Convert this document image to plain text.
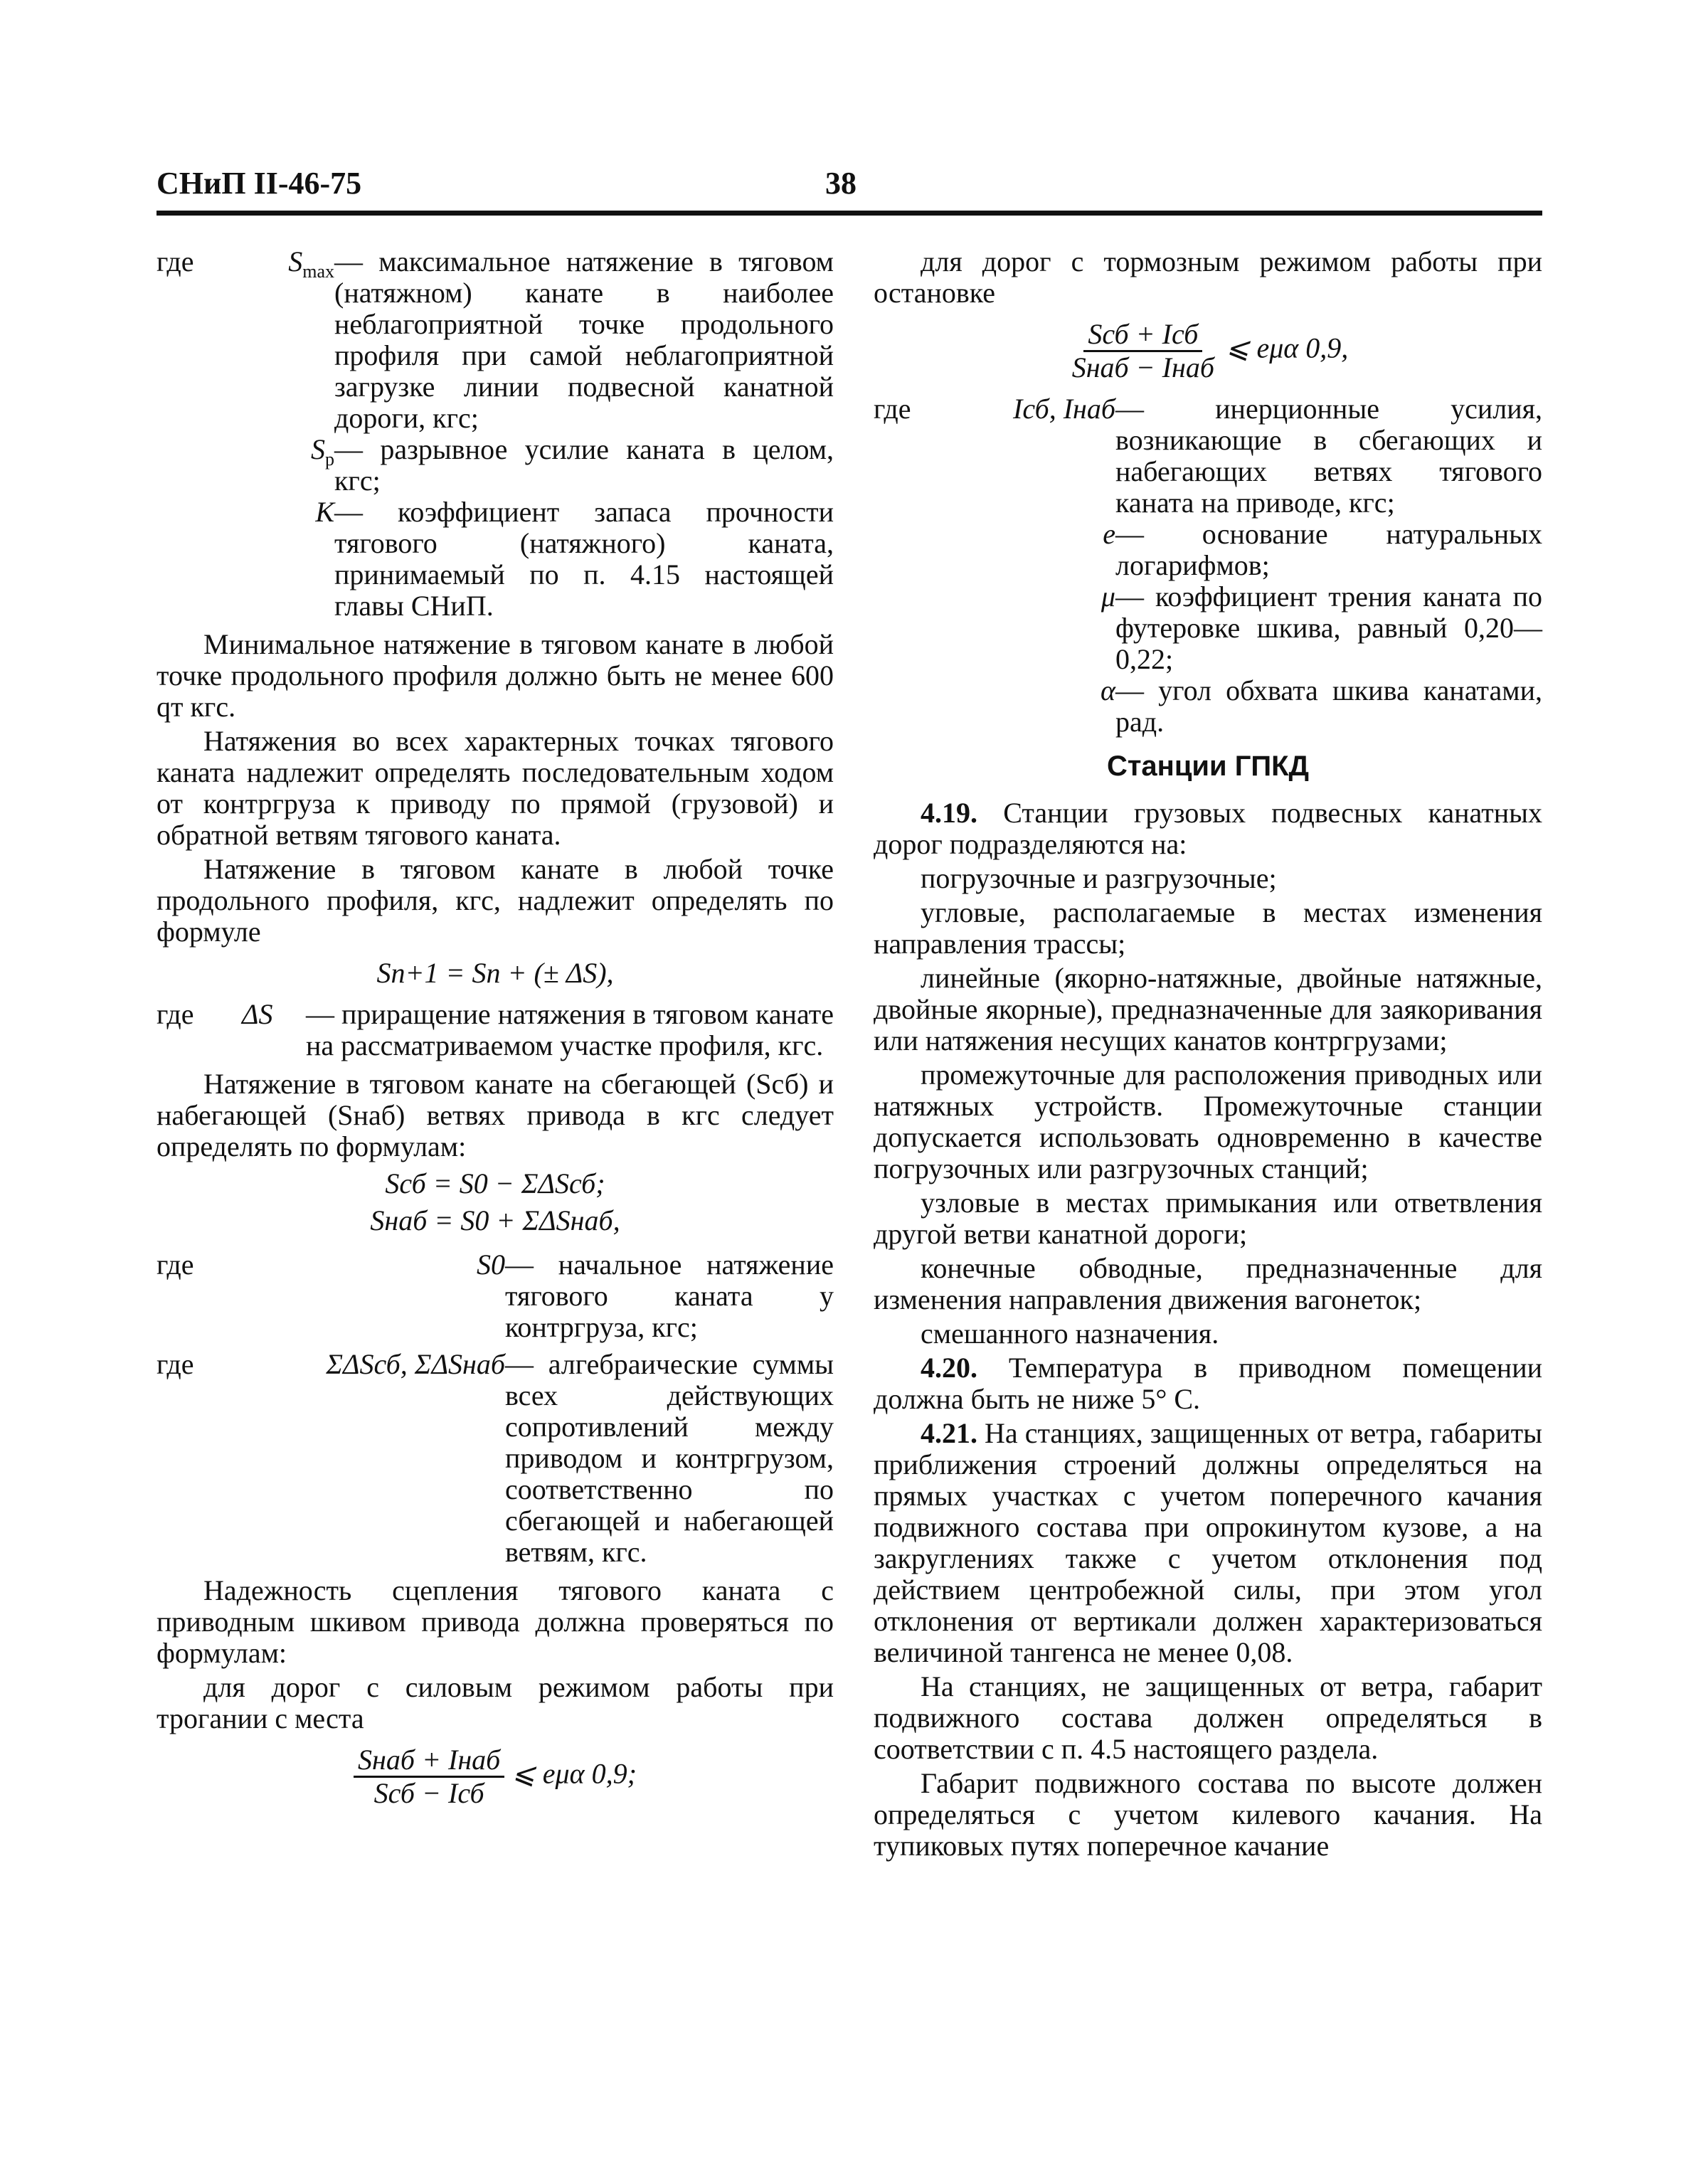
СНиП II-46-75	38
где	$S_{max}$ — максимальное натяжение в тяговом (натяжном) канате в наиболее неблагоприятной точке продольного профиля при самой неблагоприятной загрузке линии подвесной канатной дороги, кгс;
$S_р$ — разрывное усилие каната в целом, кгс;
K — коэффициент запаса прочности тягового (натяжного) каната, принимаемый по п. 4.15 настоящей главы СНиП.

Минимальное натяжение в тяговом канате в любой точке продольного профиля должно быть не менее 600 qт кгс.

Натяжения во всех характерных точках тягового каната надлежит определять последовательным ходом от контргруза к приводу по прямой (грузовой) и обратной ветвям тягового каната.

Натяжение в тяговом канате в любой точке продольного профиля, кгс, надлежит определять по формуле

Sn+1 = Sn + (± ΔS),
где	ΔS	— приращение натяжения в тяговом канате на рассматриваемом участке профиля, кгс.

Натяжение в тяговом канате на сбегающей (Sсб) и набегающей (Sнаб) ветвях привода в кгс следует определять по формулам:

Sсб = S0 − ΣΔSсб;
Sнаб = S0 + ΣΔSнаб,
где	S0 — начальное натяжение тягового каната у контргруза, кгс;
где	ΣΔSсб, ΣΔSнаб — алгебраические суммы всех действующих сопротивлений между приводом и контргрузом, соответственно по сбегающей и набегающей ветвям, кгс.

Надежность сцепления тягового каната с приводным шкивом привода должна проверяться по формулам:

для дорог с силовым режимом работы при трогании с места

$\frac{\text{Sнаб + Iнаб}}{\text{Sсб − Iсб}}$ ⩽ eμα 0,9;

для дорог с тормозным режимом работы при остановке

$\frac{\text{Sсб + Iсб}}{\text{Sнаб − Iнаб}}$ ⩽ eμα 0,9,
где	Iсб, Iнаб — инерционные усилия, возникающие в сбегающих и набегающих ветвях тягового каната на приводе, кгс;
e — основание натуральных логарифмов;
μ — коэффициент трения каната по футеровке шкива, равный 0,20—0,22;
α — угол обхвата шкива канатами, рад.
Станции ГПКД

4.19. Станции грузовых подвесных канатных дорог подразделяются на:

погрузочные и разгрузочные;

угловые, располагаемые в местах изменения направления трассы;

линейные (якорно-натяжные, двойные натяжные, двойные якорные), предназначенные для заякоривания или натяжения несущих канатов контргрузами;

промежуточные для расположения приводных или натяжных устройств. Промежуточные станции допускается использовать одновременно в качестве погрузочных или разгрузочных станций;

узловые в местах примыкания или ответвления другой ветви канатной дороги;

конечные обводные, предназначенные для изменения направления движения вагонеток;

смешанного назначения.

4.20. Температура в приводном помещении должна быть не ниже 5° С.

4.21. На станциях, защищенных от ветра, габариты приближения строений должны определяться на прямых участках с учетом поперечного качания подвижного состава при опрокинутом кузове, а на закруглениях также с учетом отклонения под действием центробежной силы, при этом угол отклонения от вертикали должен характеризоваться величиной тангенса не менее 0,08.

На станциях, не защищенных от ветра, габарит подвижного состава должен определяться в соответствии с п. 4.5 настоящего раздела.

Габарит подвижного состава по высоте должен определяться с учетом килевого качания. На тупиковых путях поперечное качание
